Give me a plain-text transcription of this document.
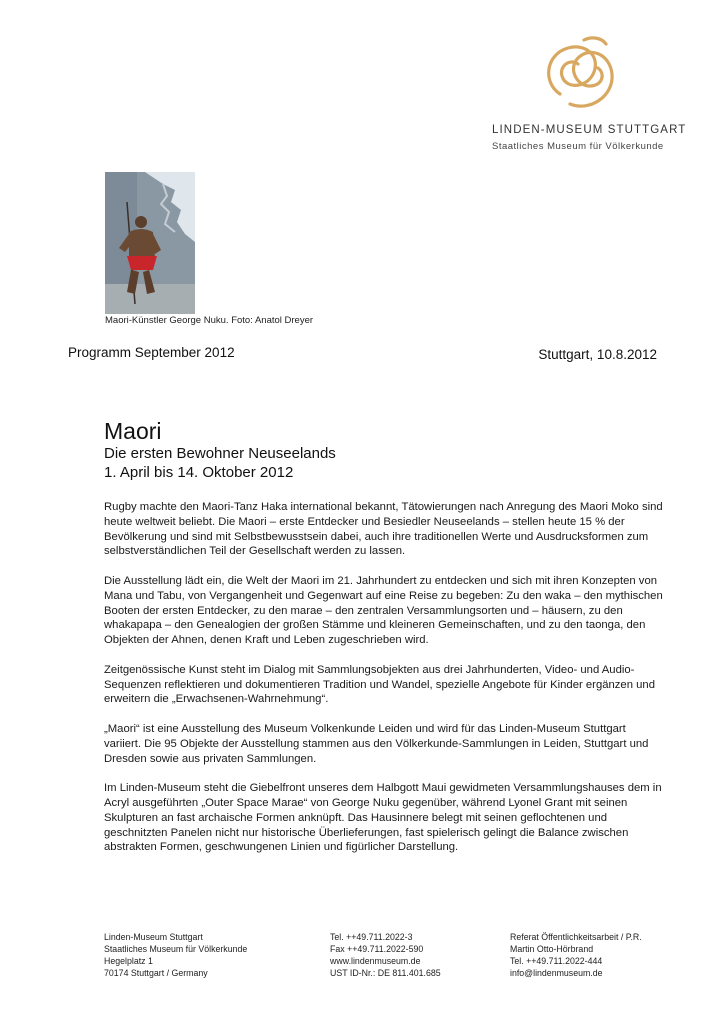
LINDEN-MUSEUM STUTTGART
Staatliches Museum für Völkerkunde
Maori-Künstler George Nuku. Foto: Anatol Dreyer
Programm September 2012	Stuttgart, 10.8.2012
Maori
Die ersten Bewohner Neuseelands
1. April bis 14. Oktober 2012

Rugby machte den Maori-Tanz Haka international bekannt, Tätowierungen nach Anregung des Maori Moko sind heute weltweit beliebt. Die Maori – erste Entdecker und Besiedler Neuseelands – stellen heute 15 % der Bevölkerung und sind mit Selbstbewusstsein dabei, auch ihre traditionellen Werte und Ausdrucksformen zum selbstverständlichen Teil der Gesellschaft werden zu lassen.

Die Ausstellung lädt ein, die Welt der Maori im 21. Jahrhundert zu entdecken und sich mit ihren Konzepten von Mana und Tabu, von Vergangenheit und Gegenwart auf eine Reise zu begeben: Zu den waka – den mythischen Booten der ersten Entdecker, zu den marae – den zentralen Versammlungsorten und – häusern, zu den whakapapa – den Genealogien der großen Stämme und kleineren Gemeinschaften, und zu den taonga, den Objekten der Ahnen, denen Kraft und Leben zugeschrieben wird.

Zeitgenössische Kunst steht im Dialog mit Sammlungsobjekten aus drei Jahrhunderten, Video- und Audio-Sequenzen reflektieren und dokumentieren Tradition und Wandel, spezielle Angebote für Kinder ergänzen und erweitern die „Erwachsenen-Wahrnehmung“.

„Maori“ ist eine Ausstellung des Museum Volkenkunde Leiden und wird für das Linden-Museum Stuttgart variiert. Die 95 Objekte der Ausstellung stammen aus den Völkerkunde-Sammlungen in Leiden, Stuttgart und Dresden sowie aus privaten Sammlungen.

Im Linden-Museum steht die Giebelfront unseres dem Halbgott Maui gewidmeten Versammlungshauses dem in Acryl ausgeführten „Outer Space Marae“ von George Nuku gegenüber, während Lyonel Grant mit seinen Skulpturen an fast archaische Formen anknüpft. Das Hausinnere belegt mit seinen geflochtenen und geschnitzten Panelen nicht nur historische Überlieferungen, fast spielerisch gelingt die Balance zwischen abstrakten Formen, geschwungenen Linien und figürlicher Darstellung.

Linden-Museum Stuttgart
Staatliches Museum für Völkerkunde
Hegelplatz 1
70174 Stuttgart / Germany
Tel. ++49.711.2022-3
Fax ++49.711.2022-590
www.lindenmuseum.de
UST ID-Nr.: DE 811.401.685
Referat Öffentlichkeitsarbeit / P.R.
Martin Otto-Hörbrand
Tel. ++49.711.2022-444
info@lindenmuseum.de
